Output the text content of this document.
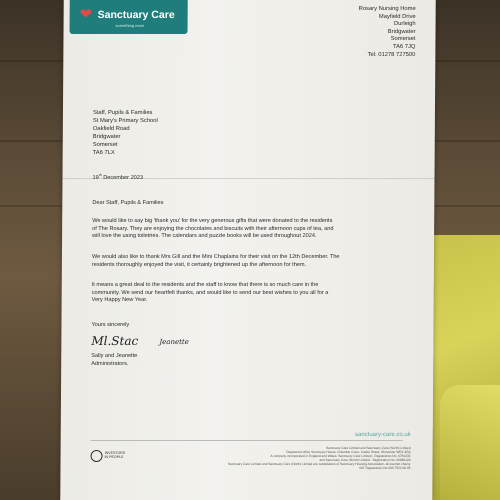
❤ Sanctuary Care
something more
Rosary Nursing Home
Mayfield Drive
Durleigh
Bridgwater
Somerset
TA6 7JQ
Tel: 01278 727500
Staff, Pupils & Families
St Mary's Primary School
Oakfield Road
Bridgwater
Somerset
TA6 7LX
19th December 2023
Dear Staff, Pupils & Families
We would like to say big 'thank you' for the very generous gifts that were donated to the residents
of The Rosary. They are enjoying the chocolates and biscuits with their afternoon cups of tea, and
will love the using toiletries. The calendars and puzzle books will be used throughout 2024.
We would also like to thank Mrs Gill and the Mini Chaplains for their visit on the 12th December. The
residents thoroughly enjoyed the visit, it certainly brightened up the afternoon for them.
It means a great deal to the residents and the staff to know that there is so much care in the
community. We send our heartfelt thanks, and would like to send our best wishes to you all for a
Very Happy New Year.
Yours sincerely
Ml.Stac	Jeanette
Sally and Jeanette
Administrators.
sanctuary-care.co.uk
INVESTORS
IN PEOPLE
Sanctuary Care Limited and Sanctuary Care (North) Limited
Registered office Sanctuary House, Chamber Court, Castle Street, Worcester WR1 3ZQ
A company incorporated in England and Wales. Sanctuary Care Limited - Registration No. 6781231
and Sanctuary Care (North) Limited - Registration No. 06089120
Sanctuary Care Limited and Sanctuary Care (North) Limited are subsidiaries of Sanctuary Housing Association, all exempt charity
VAT Registration No 695 7522 06 95
